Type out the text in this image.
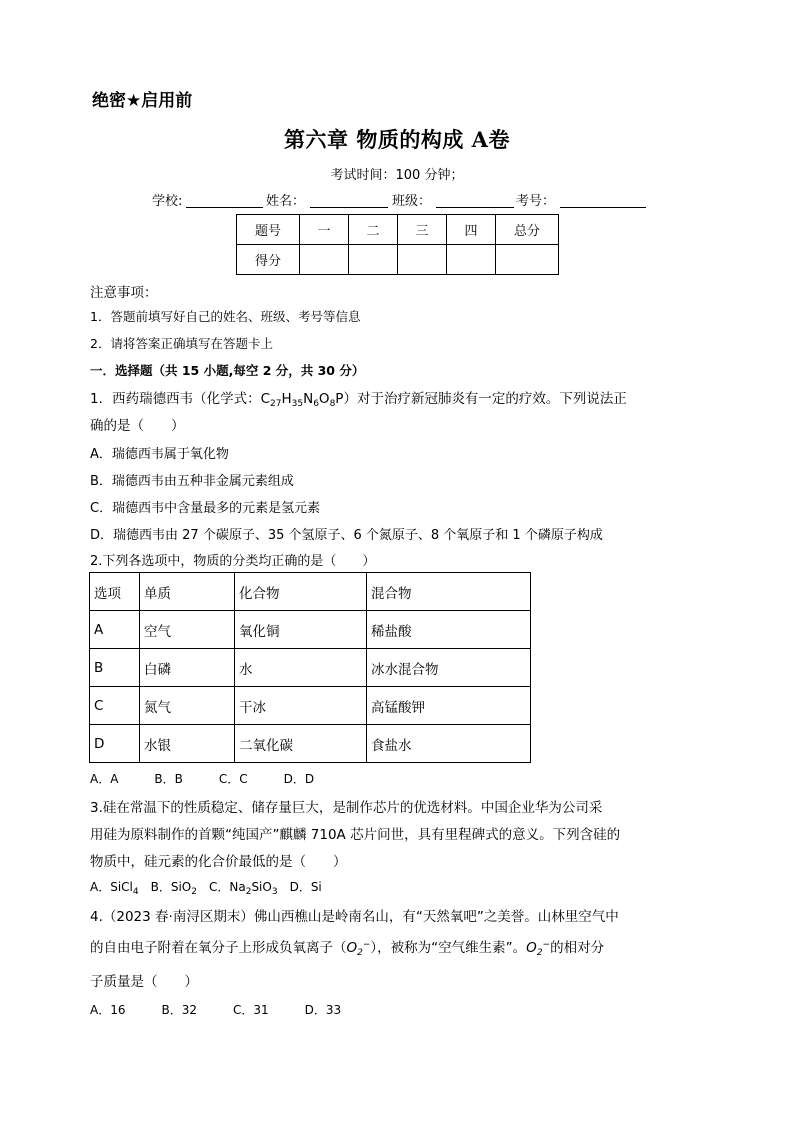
绝密★启用前
第六章 物质的构成 A卷
考试时间：100 分钟；
学校:	姓名：	班级：	考号：
题号	一	二	三	四	总分
得分					
注意事项：
1．答题前填写好自己的姓名、班级、考号等信息
2．请将答案正确填写在答题卡上
一．选择题（共 15 小题,每空 2 分，共 30 分）
1．西药瑞德西韦（化学式：$C_{27}H_{35}N_6O_8P$）对于治疗新冠肺炎有一定的疗效。下列说法正
确的是（　　）
A．瑞德西韦属于氧化物
B．瑞德西韦由五种非金属元素组成
C．瑞德西韦中含量最多的元素是氢元素
D．瑞德西韦由 27 个碳原子、35 个氢原子、6 个氮原子、8 个氧原子和 1 个磷原子构成
2.下列各选项中，物质的分类均正确的是（　　）
选项	单质	化合物	混合物
A	空气	氧化铜	稀盐酸
B	白磷	水	冰水混合物
C	氮气	干冰	高锰酸钾
D	水银	二氧化碳	食盐水
A．A　　　B．B　　　C．C　　　D．D
3.硅在常温下的性质稳定、储存量巨大，是制作芯片的优选材料。中国企业华为公司采
用硅为原料制作的首颗“纯国产”麒麟 710A 芯片问世，具有里程碑式的意义。下列含硅的
物质中，硅元素的化合价最低的是（　　）
A．SiCl$_4$　B．SiO$_2$　C．$Na_2SiO_3$　D．Si
4.（2023 春·南浔区期末）佛山西樵山是岭南名山，有“天然氧吧”之美誉。山林里空气中
的自由电子附着在氧分子上形成负氧离子$(O_2^-)$，被称为“空气维生素”。$O_2^-$的相对分
子质量是（　　）
A．16　　　B．32　　　C．31　　　D．33
